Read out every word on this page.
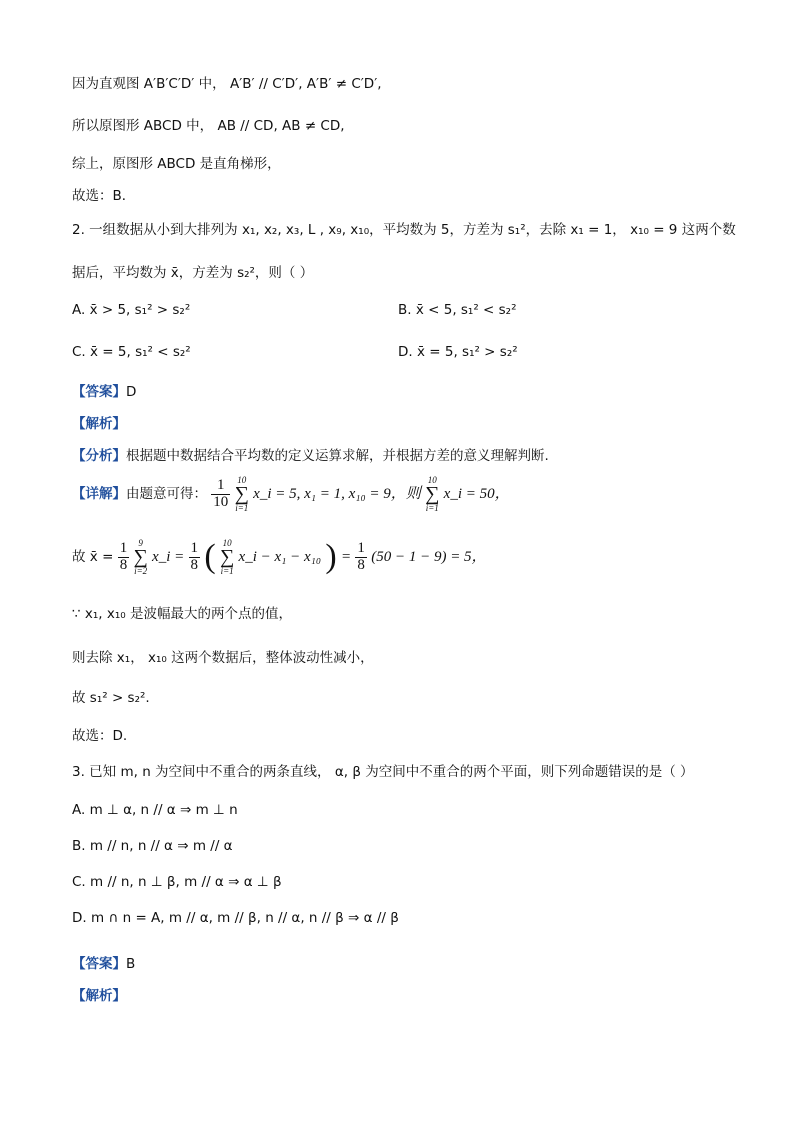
因为直观图 A′B′C′D′ 中， A′B′ // C′D′, A′B′ ≠ C′D′,
所以原图形 ABCD 中， AB // CD, AB ≠ CD,
综上，原图形 ABCD 是直角梯形，
故选：B．
2. 一组数据从小到大排列为 x₁, x₂, x₃, L , x₉, x₁₀，平均数为 5，方差为 s₁²，去除 x₁ = 1， x₁₀ = 9 这两个数
据后，平均数为 x̄，方差为 s₂²，则（ ）
A. x̄ > 5, s₁² > s₂²	B. x̄ < 5, s₁² < s₂²
C. x̄ = 5, s₁² < s₂²	D. x̄ = 5, s₁² > s₂²
【答案】D
【解析】
【分析】根据题中数据结合平均数的定义运算求解，并根据方差的意义理解判断.
【详解】由题意可得： $\frac{1}{10}$
10
∑
i=1
x_i = 5, x₁ = 1, x₁₀ = 9，则
10
∑
i=1
x_i = 50，
故 x̄ = $\frac{1}{8}$
	9
∑
i=2
x_i = $\frac{1}{8}$ ( 10
∑
i=1
x_i − x₁ − x₁₀ ) = $\frac{1}{8} (50 - 1 - 9) = 5$，
∵ x₁, x₁₀ 是波幅最大的两个点的值，
则去除 x₁， x₁₀ 这两个数据后，整体波动性减小，
故 s₁² > s₂².
故选：D.
3. 已知 m, n 为空间中不重合的两条直线， α, β 为空间中不重合的两个平面，则下列命题错误的是（ ）
A. m ⊥ α, n // α ⇒ m ⊥ n
B. m // n, n // α ⇒ m // α
C. m // n, n ⊥ β, m // α ⇒ α ⊥ β
D. m ∩ n = A, m // α, m // β, n // α, n // β ⇒ α // β
【答案】B
【解析】
